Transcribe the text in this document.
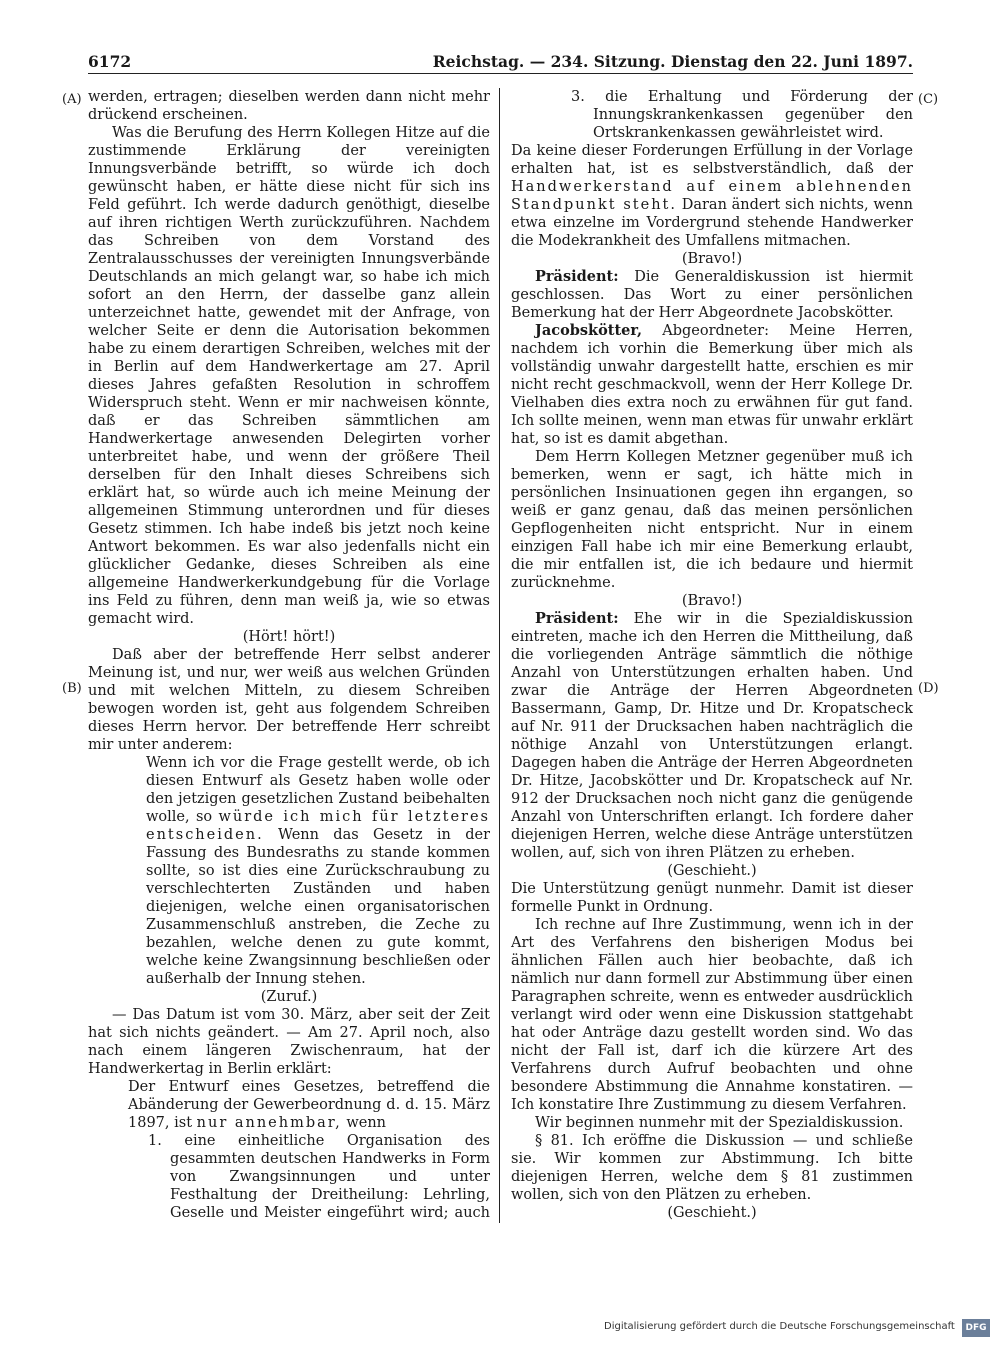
6172	Reichstag. — 234. Sitzung. Dienstag den 22. Juni 1897.
(A)
(B)
(C)
(D)

werden, ertragen; dieselben werden dann nicht mehr drückend erscheinen.

Was die Berufung des Herrn Kollegen Hitze auf die zustimmende Erklärung der vereinigten Innungsverbände betrifft, so würde ich doch gewünscht haben, er hätte diese nicht für sich ins Feld geführt. Ich werde dadurch genöthigt, dieselbe auf ihren richtigen Werth zurückzuführen. Nachdem das Schreiben von dem Vorstand des Zentralausschusses der vereinigten Innungsverbände Deutschlands an mich gelangt war, so habe ich mich sofort an den Herrn, der dasselbe ganz allein unterzeichnet hatte, gewendet mit der Anfrage, von welcher Seite er denn die Autorisation bekommen habe zu einem derartigen Schreiben, welches mit der in Berlin auf dem Handwerkertage am 27. April dieses Jahres gefaßten Resolution in schroffem Widerspruch steht. Wenn er mir nachweisen könnte, daß er das Schreiben sämmtlichen am Handwerkertage anwesenden Delegirten vorher unterbreitet habe, und wenn der größere Theil derselben für den Inhalt dieses Schreibens sich erklärt hat, so würde auch ich meine Meinung der allgemeinen Stimmung unterordnen und für dieses Gesetz stimmen. Ich habe indeß bis jetzt noch keine Antwort bekommen. Es war also jedenfalls nicht ein glücklicher Gedanke, dieses Schreiben als eine allgemeine Handwerkerkundgebung für die Vorlage ins Feld zu führen, denn man weiß ja, wie so etwas gemacht wird.

(Hört! hört!)

Daß aber der betreffende Herr selbst anderer Meinung ist, und nur, wer weiß aus welchen Gründen und mit welchen Mitteln, zu diesem Schreiben bewogen worden ist, geht aus folgendem Schreiben dieses Herrn hervor. Der betreffende Herr schreibt mir unter anderem:

Wenn ich vor die Frage gestellt werde, ob ich diesen Entwurf als Gesetz haben wolle oder den jetzigen gesetzlichen Zustand beibehalten wolle, so würde ich mich für letzteres entscheiden. Wenn das Gesetz in der Fassung des Bundesraths zu stande kommen sollte, so ist dies eine Zurückschraubung zu verschlechterten Zuständen und haben diejenigen, welche einen organisatorischen Zusammenschluß anstreben, die Zeche zu bezahlen, welche denen zu gute kommt, welche keine Zwangsinnung beschließen oder außerhalb der Innung stehen.

(Zuruf.)

— Das Datum ist vom 30. März, aber seit der Zeit hat sich nichts geändert. — Am 27. April noch, also nach einem längeren Zwischenraum, hat der Handwerkertag in Berlin erklärt:

Der Entwurf eines Gesetzes, betreffend die Abänderung der Gewerbeordnung d. d. 15. März 1897, ist nur annehmbar, wenn

1. eine einheitliche Organisation des gesammten deutschen Handwerks in Form von Zwangsinnungen und unter Festhaltung der Dreitheilung: Lehrling, Geselle und Meister eingeführt wird; auch

3. die Erhaltung und Förderung der Innungskrankenkassen gegenüber den Ortskrankenkassen gewährleistet wird.

Da keine dieser Forderungen Erfüllung in der Vorlage erhalten hat, ist es selbstverständlich, daß der Handwerkerstand auf einem ablehnenden Standpunkt steht. Daran ändert sich nichts, wenn etwa einzelne im Vordergrund stehende Handwerker die Modekrankheit des Umfallens mitmachen.

(Bravo!)

Präsident: Die Generaldiskussion ist hiermit geschlossen. Das Wort zu einer persönlichen Bemerkung hat der Herr Abgeordnete Jacobskötter.

Jacobskötter, Abgeordneter: Meine Herren, nachdem ich vorhin die Bemerkung über mich als vollständig unwahr dargestellt hatte, erschien es mir nicht recht geschmackvoll, wenn der Herr Kollege Dr. Vielhaben dies extra noch zu erwähnen für gut fand. Ich sollte meinen, wenn man etwas für unwahr erklärt hat, so ist es damit abgethan.

Dem Herrn Kollegen Metzner gegenüber muß ich bemerken, wenn er sagt, ich hätte mich in persönlichen Insinuationen gegen ihn ergangen, so weiß er ganz genau, daß das meinen persönlichen Gepflogenheiten nicht entspricht. Nur in einem einzigen Fall habe ich mir eine Bemerkung erlaubt, die mir entfallen ist, die ich bedaure und hiermit zurücknehme.

(Bravo!)

Präsident: Ehe wir in die Spezialdiskussion eintreten, mache ich den Herren die Mittheilung, daß die vorliegenden Anträge sämmtlich die nöthige Anzahl von Unterstützungen erhalten haben. Und zwar die Anträge der Herren Abgeordneten Bassermann, Gamp, Dr. Hitze und Dr. Kropatscheck auf Nr. 911 der Drucksachen haben nachträglich die nöthige Anzahl von Unterstützungen erlangt. Dagegen haben die Anträge der Herren Abgeordneten Dr. Hitze, Jacobskötter und Dr. Kropatscheck auf Nr. 912 der Drucksachen noch nicht ganz die genügende Anzahl von Unterschriften erlangt. Ich fordere daher diejenigen Herren, welche diese Anträge unterstützen wollen, auf, sich von ihren Plätzen zu erheben.

(Geschieht.)

Die Unterstützung genügt nunmehr. Damit ist dieser formelle Punkt in Ordnung.

Ich rechne auf Ihre Zustimmung, wenn ich in der Art des Verfahrens den bisherigen Modus bei ähnlichen Fällen auch hier beobachte, daß ich nämlich nur dann formell zur Abstimmung über einen Paragraphen schreite, wenn es entweder ausdrücklich verlangt wird oder wenn eine Diskussion stattgehabt hat oder Anträge dazu gestellt worden sind. Wo das nicht der Fall ist, darf ich die kürzere Art des Verfahrens durch Aufruf beobachten und ohne besondere Abstimmung die Annahme konstatiren. — Ich konstatire Ihre Zustimmung zu diesem Verfahren.

Wir beginnen nunmehr mit der Spezialdiskussion.

§ 81. Ich eröffne die Diskussion — und schließe sie. Wir kommen zur Abstimmung. Ich bitte diejenigen Herren, welche dem § 81 zustimmen wollen, sich von den Plätzen zu erheben.

(Geschieht.)

Digitalisierung gefördert durch die Deutsche Forschungsgemeinschaft	DFG
